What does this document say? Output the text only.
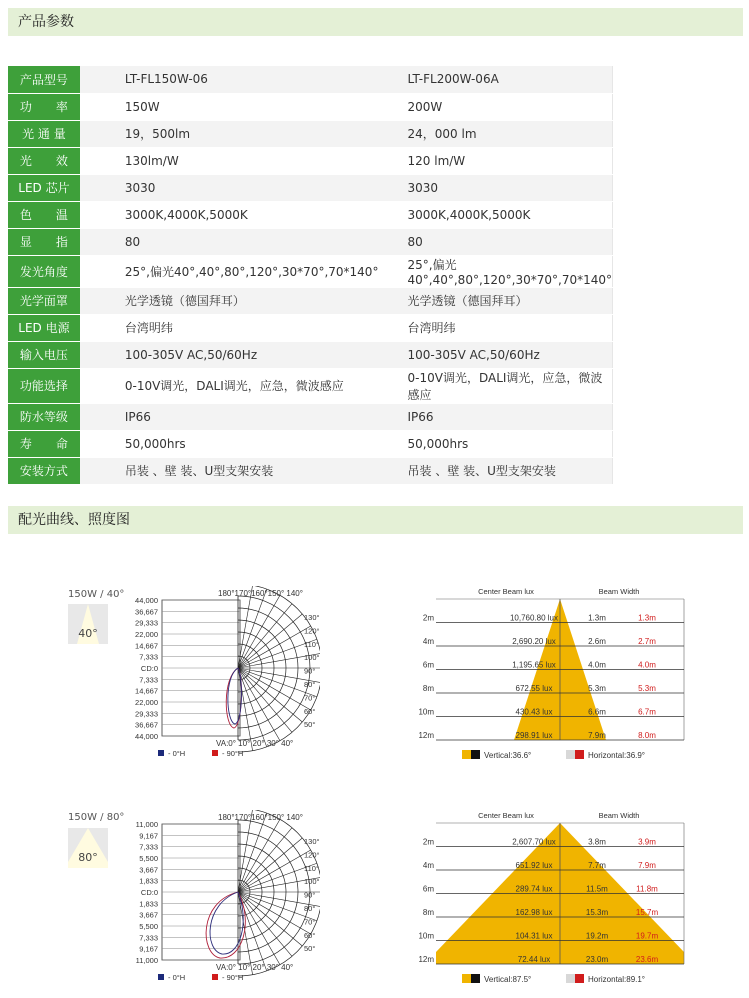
产品参数
产品型号	LT-FL150W-06	LT-FL200W-06A	
功　　率	150W	200W	
光 通 量	19，500lm	24，000 lm	
光　　效	130lm/W	120 lm/W	
LED 芯片	3030	3030	
色　　温	3000K,4000K,5000K	3000K,4000K,5000K	
显　　指	80	80	
发光角度	25°,偏光40°,40°,80°,120°,30*70°,70*140°	25°,偏光40°,40°,80°,120°,30*70°,70*140°	
光学面罩	光学透镜（德国拜耳）	光学透镜（德国拜耳）	
LED 电源	台湾明纬	台湾明纬	
输入电压	100-305V AC,50/60Hz	100-305V AC,50/60Hz	
功能选择	0-10V调光，DALI调光，应急，微波感应	0-10V调光，DALI调光，应急，微波感应	
防水等级	IP66	IP66	
寿　　命	50,000hrs	50,000hrs	
安装方式	吊装 、壁 装、U型支架安装	吊装 、壁 装、U型支架安装	
配光曲线、照度图
150W / 40°
40°
44,000
36,667
29,333
22,000
14,667
7,333
CD:0
7,333
14,667
22,000
29,333
36,667
44,000
180°170°160°150° 140°
130°
120°
110°
100°
90°
80°
70°
60°
50°
VA:0° 10° 20° 30° 40°
- 0°H	- 90°H
Center Beam lux	Beam Width
2m	10,760.80 lux	1.3m	1.3m
4m	2,690.20 lux	2.6m	2.7m
6m	1,195.65 lux	4.0m	4.0m
8m	672.55 lux	5.3m	5.3m
10m	430.43 lux	6.6m	6.7m
12m	298.91 lux	7.9m	8.0m
Vertical:36.6°	Horizontal:36.9°
150W / 80°
80°
11,000
9,167
7,333
5,500
3,667
1,833
CD:0
1,833
3,667
5,500
7,333
9,167
11,000
180°170°160°150° 140°
130°
120°
110°
100°
90°
80°
70°
60°
50°
VA:0° 10° 20° 30° 40°
- 0°H	- 90°H
Center Beam lux	Beam Width
2m	2,607.70 lux	3.8m	3.9m
4m	651.92 lux	7.7m	7.9m
6m	289.74 lux	11.5m	11.8m
8m	162.98 lux	15.3m	15.7m
10m	104.31 lux	19.2m	19.7m
12m	72.44 lux	23.0m	23.6m
Vertical:87.5°	Horizontal:89.1°
